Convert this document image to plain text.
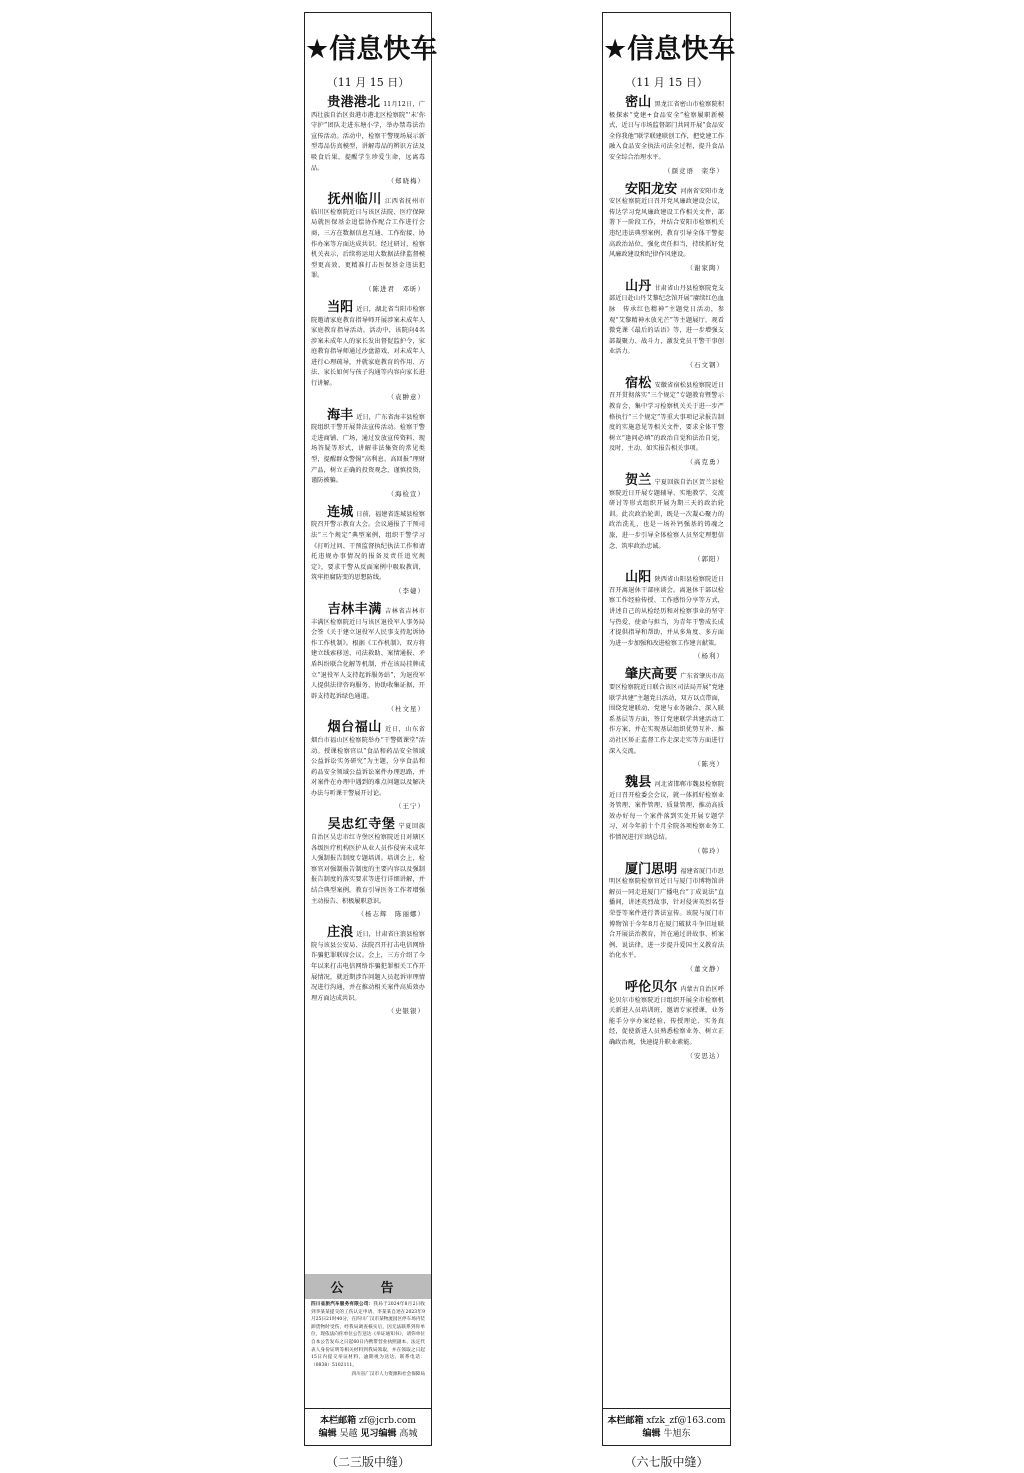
★信息快车
（11 月 15 日）
贵港港北 11月12日，广西壮族自治区贵港市港北区检察院“‘未’你守护”团队走进东塘小学，举办禁毒法治宣传活动。活动中，检察干警现场展示新型毒品仿真模型，讲解毒品的辨识方法及吸食后果，提醒学生珍爱生命，远离毒品。
（郑晓梅）
抚州临川 江西省抚州市临川区检察院近日与该区法院、医疗保障局就医保基金追偿协作配合工作进行会商，三方在数据信息互通、工作衔接、协作办案等方面达成共识。经过研讨，检察机关表示，后续将运用大数据法律监督模型更高效、更精准打击医保基金违法犯罪。
（陈进君　邓昕）
当阳 近日，湖北省当阳市检察院邀请家庭教育指导师开展涉案未成年人家庭教育指导活动。活动中，该院向4名涉案未成年人的家长发出督促监护令，家庭教育指导师通过沙盘游戏，对未成年人进行心理疏导，并就家庭教育的作用、方法、家长如何与孩子沟通等内容向家长进行讲解。
（袁翀意）
海丰 近日，广东省海丰县检察院组织干警开展普法宣传活动。检察干警走进商铺、广场，通过发放宣传资料、现场答疑等形式，讲解非法集资的常见类型，提醒群众警惕“高利息、高回报”理财产品，树立正确的投资观念，谨慎投资，谨防被骗。
（海检宣）
连城 日前，福建省连城县检察院召开警示教育大会。会议通报了干预司法“三个规定”典型案例，组织干警学习《打听过问、干预监督执纪执法工作和请托违规办事情况的报备及责任追究规定》，要求干警从反面案例中吸取教训，筑牢拒腐防变的思想防线。
（李婕）
吉林丰满 吉林省吉林市丰满区检察院近日与该区退役军人事务局会签《关于建立退役军人民事支持起诉协作工作机制》。根据《工作机制》，双方将建立线索移送、司法救助、案情通报、矛盾纠纷联合化解等机制，并在该局挂牌成立“退役军人支持起诉服务站”，为退役军人提供法律咨询服务，协助收集证据，开辟支持起诉绿色通道。
（杜文星）
烟台福山 近日，山东省烟台市福山区检察院举办“干警微课堂”活动。授课检察官以“食品和药品安全领域公益诉讼实务研究”为主题，分享食品和药品安全领域公益诉讼案件办理思路，并对案件在办理中遇到的难点问题以及解决办法与听课干警展开讨论。
（王宁）
吴忠红寺堡 宁夏回族自治区吴忠市红寺堡区检察院近日对辖区各级医疗机构医护从业人员作侵害未成年人强制报告制度专题培训。培训会上，检察官对强制报告制度的主要内容以及强制报告制度的落实要求等进行详细讲解，并结合典型案例，教育引导医务工作者增强主动报告、积极履职意识。
（杨志辉　陈丽娜）
庄浪 近日，甘肃省庄浪县检察院与该县公安局、法院召开打击电信网络诈骗犯罪联席会议。会上，三方介绍了今年以来打击电信网络诈骗犯罪相关工作开展情况，就近期涉诈问题人员起诉审理情况进行沟通，并在推动相关案件高质效办理方面达成共识。
（史银银）
公　告
四川省旅汽车服务有限公司：我局于2024年8月2日收到李某某提交的工伤认定申请，李某某自述在2023年9月25日21时40分，在四川广汉市某物流园区停车场内装卸货物时受伤，经我局调查核实后，因无法联系到你单位，现依法向你单位公告送达《举证通知书》，请你单位自本公告发布之日起60日内携带营业执照副本、法定代表人身份证明等相关材料到我局领取，并在领取之日起15日内提交举证材料，逾期视为送达。联系电话：（0838）5102111。
四川省广汉市人力资源和社会保障局
本栏邮箱 zf@jcrb.com
编辑 吴越 见习编辑 高城
（二三版中缝）
★信息快车
（11 月 15 日）
密山 黑龙江省密山市检察院积极探索“党建+食品安全”检察履职新模式，近日与市场监督部门共同开展“食品安全你我他”联学联建联创工作，把党建工作融入食品安全执法司法全过程，提升食品安全综合治理水平。
（颜竞语　栾华）
安阳龙安 河南省安阳市龙安区检察院近日召开党风廉政建设会议，传达学习党风廉政建设工作相关文件，部署下一阶段工作，并结合安阳市检察机关违纪违法典型案例，教育引导全体干警提高政治站位，强化责任担当，持续抓好党风廉政建设和纪律作风建设。
（谢家陶）
山丹 甘肃省山丹县检察院党支部近日赴山丹艾黎纪念馆开展“赓续红色血脉　传承红色精神”主题党日活动，参观“艾黎精神永放光芒”等主题展厅，观看微党课《最后的话语》等，进一步增强支部凝聚力、战斗力，激发党员干警干事创业活力。
（石文钢）
宿松 安徽省宿松县检察院近日召开贯彻落实“三个规定”专题教育暨警示教育会，集中学习检察机关关于进一步严格执行“三个规定”等重大事项记录报告制度的实施意见等相关文件，要求全体干警树立“逢问必填”的政治自觉和法治自觉，及时、主动、如实报告相关事项。
（高克勇）
贺兰 宁夏回族自治区贺兰县检察院近日开展专题辅导、实地教学、交流研讨等形式组织开展为期三天的政治轮训。此次政治轮训，既是一次凝心聚力的政治洗礼，也是一场补钙强基的铸魂之旅，进一步引导全体检察人员坚定理想信念、筑牢政治忠诚。
（郭阳）
山阳 陕西省山阳县检察院近日召开离退休干部座谈会。离退休干部以检察工作经验传授、工作感悟分享等方式，讲述自己的从检经历和对检察事业的坚守与热爱、使命与担当，为青年干警成长成才提供指导和帮助，并从多角度、多方面为进一步加强和改进检察工作建言献策。
（杨利）
肇庆高要 广东省肇庆市高要区检察院近日联合该区司法局开展“党建联学共建”主题党日活动，双方以点带面，围绕党建联动、党建与业务融合、深入联系基层等方面，签订党建联学共建活动工作方案，并在实现基层组织优势互补、推动社区矫正监督工作走深走实等方面进行深入交流。
（陈亮）
魏县 河北省邯郸市魏县检察院近日召开检委会会议，就一体抓好检察业务管理、案件管理、质量管理，推动高质效办好每一个案件落到实处开展专题学习，对今年前十个月全院各项检察业务工作情况进行归纳总结。
（韩玲）
厦门思明 福建省厦门市思明区检察院检察官近日与厦门市博物馆讲解员一同走进厦门广播电台“丁成说法”直播间，讲述英烈故事，针对侵害英烈名誉荣誉等案件进行普法宣传。该院与厦门市博物馆于今年8月在厦门破狱斗争旧址联合开展法治教育，旨在通过讲故事、析案例、说法律，进一步提升爱国主义教育法治化水平。
（董文静）
呼伦贝尔 内蒙古自治区呼伦贝尔市检察院近日组织开展全市检察机关新进人员培训班，邀请专家授课，业务能手分享办案经验，传授理论、实务真经，促使新进人员熟悉检察业务、树立正确政治观，快速提升职业素能。
（安思达）
本栏邮箱 xfzk_zf@163.com
编辑 牛旭东
（六七版中缝）
